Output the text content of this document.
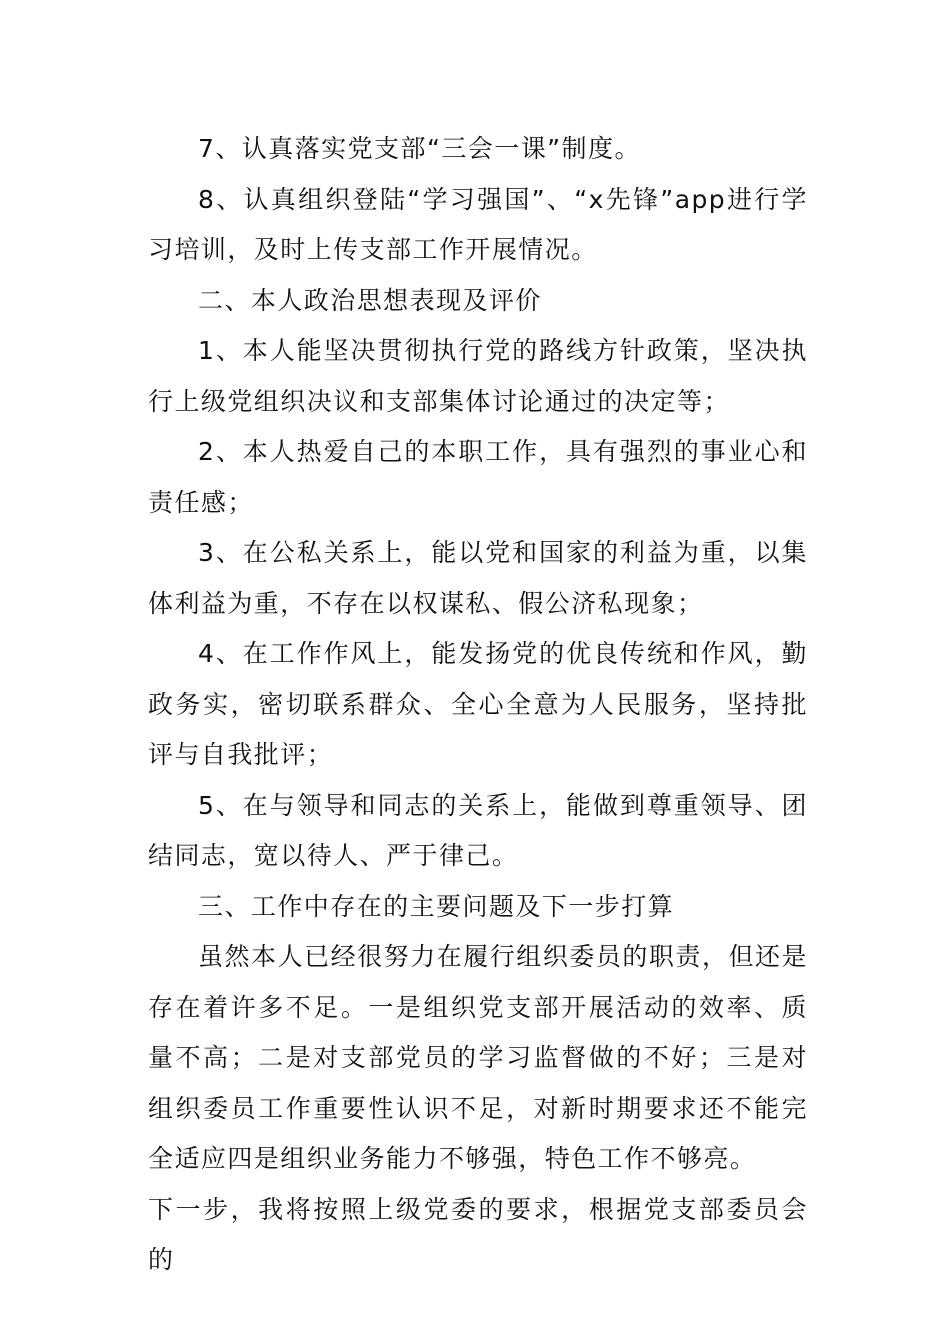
7、认真落实党支部“三会一课”制度。

8、认真组织登陆“学习强国”、“x先锋”app进行学习培训，及时上传支部工作开展情况。

二、本人政治思想表现及评价

1、本人能坚决贯彻执行党的路线方针政策，坚决执行上级党组织决议和支部集体讨论通过的决定等；

2、本人热爱自己的本职工作，具有强烈的事业心和责任感；

3、在公私关系上，能以党和国家的利益为重，以集体利益为重，不存在以权谋私、假公济私现象；

4、在工作作风上，能发扬党的优良传统和作风，勤政务实，密切联系群众、全心全意为人民服务，坚持批评与自我批评；

5、在与领导和同志的关系上，能做到尊重领导、团结同志，宽以待人、严于律己。

三、工作中存在的主要问题及下一步打算

虽然本人已经很努力在履行组织委员的职责，但还是存在着许多不足。一是组织党支部开展活动的效率、质量不高；二是对支部党员的学习监督做的不好；三是对组织委员工作重要性认识不足，对新时期要求还不能完全适应四是组织业务能力不够强，特色工作不够亮。

下一步，我将按照上级党委的要求，根据党支部委员会的
